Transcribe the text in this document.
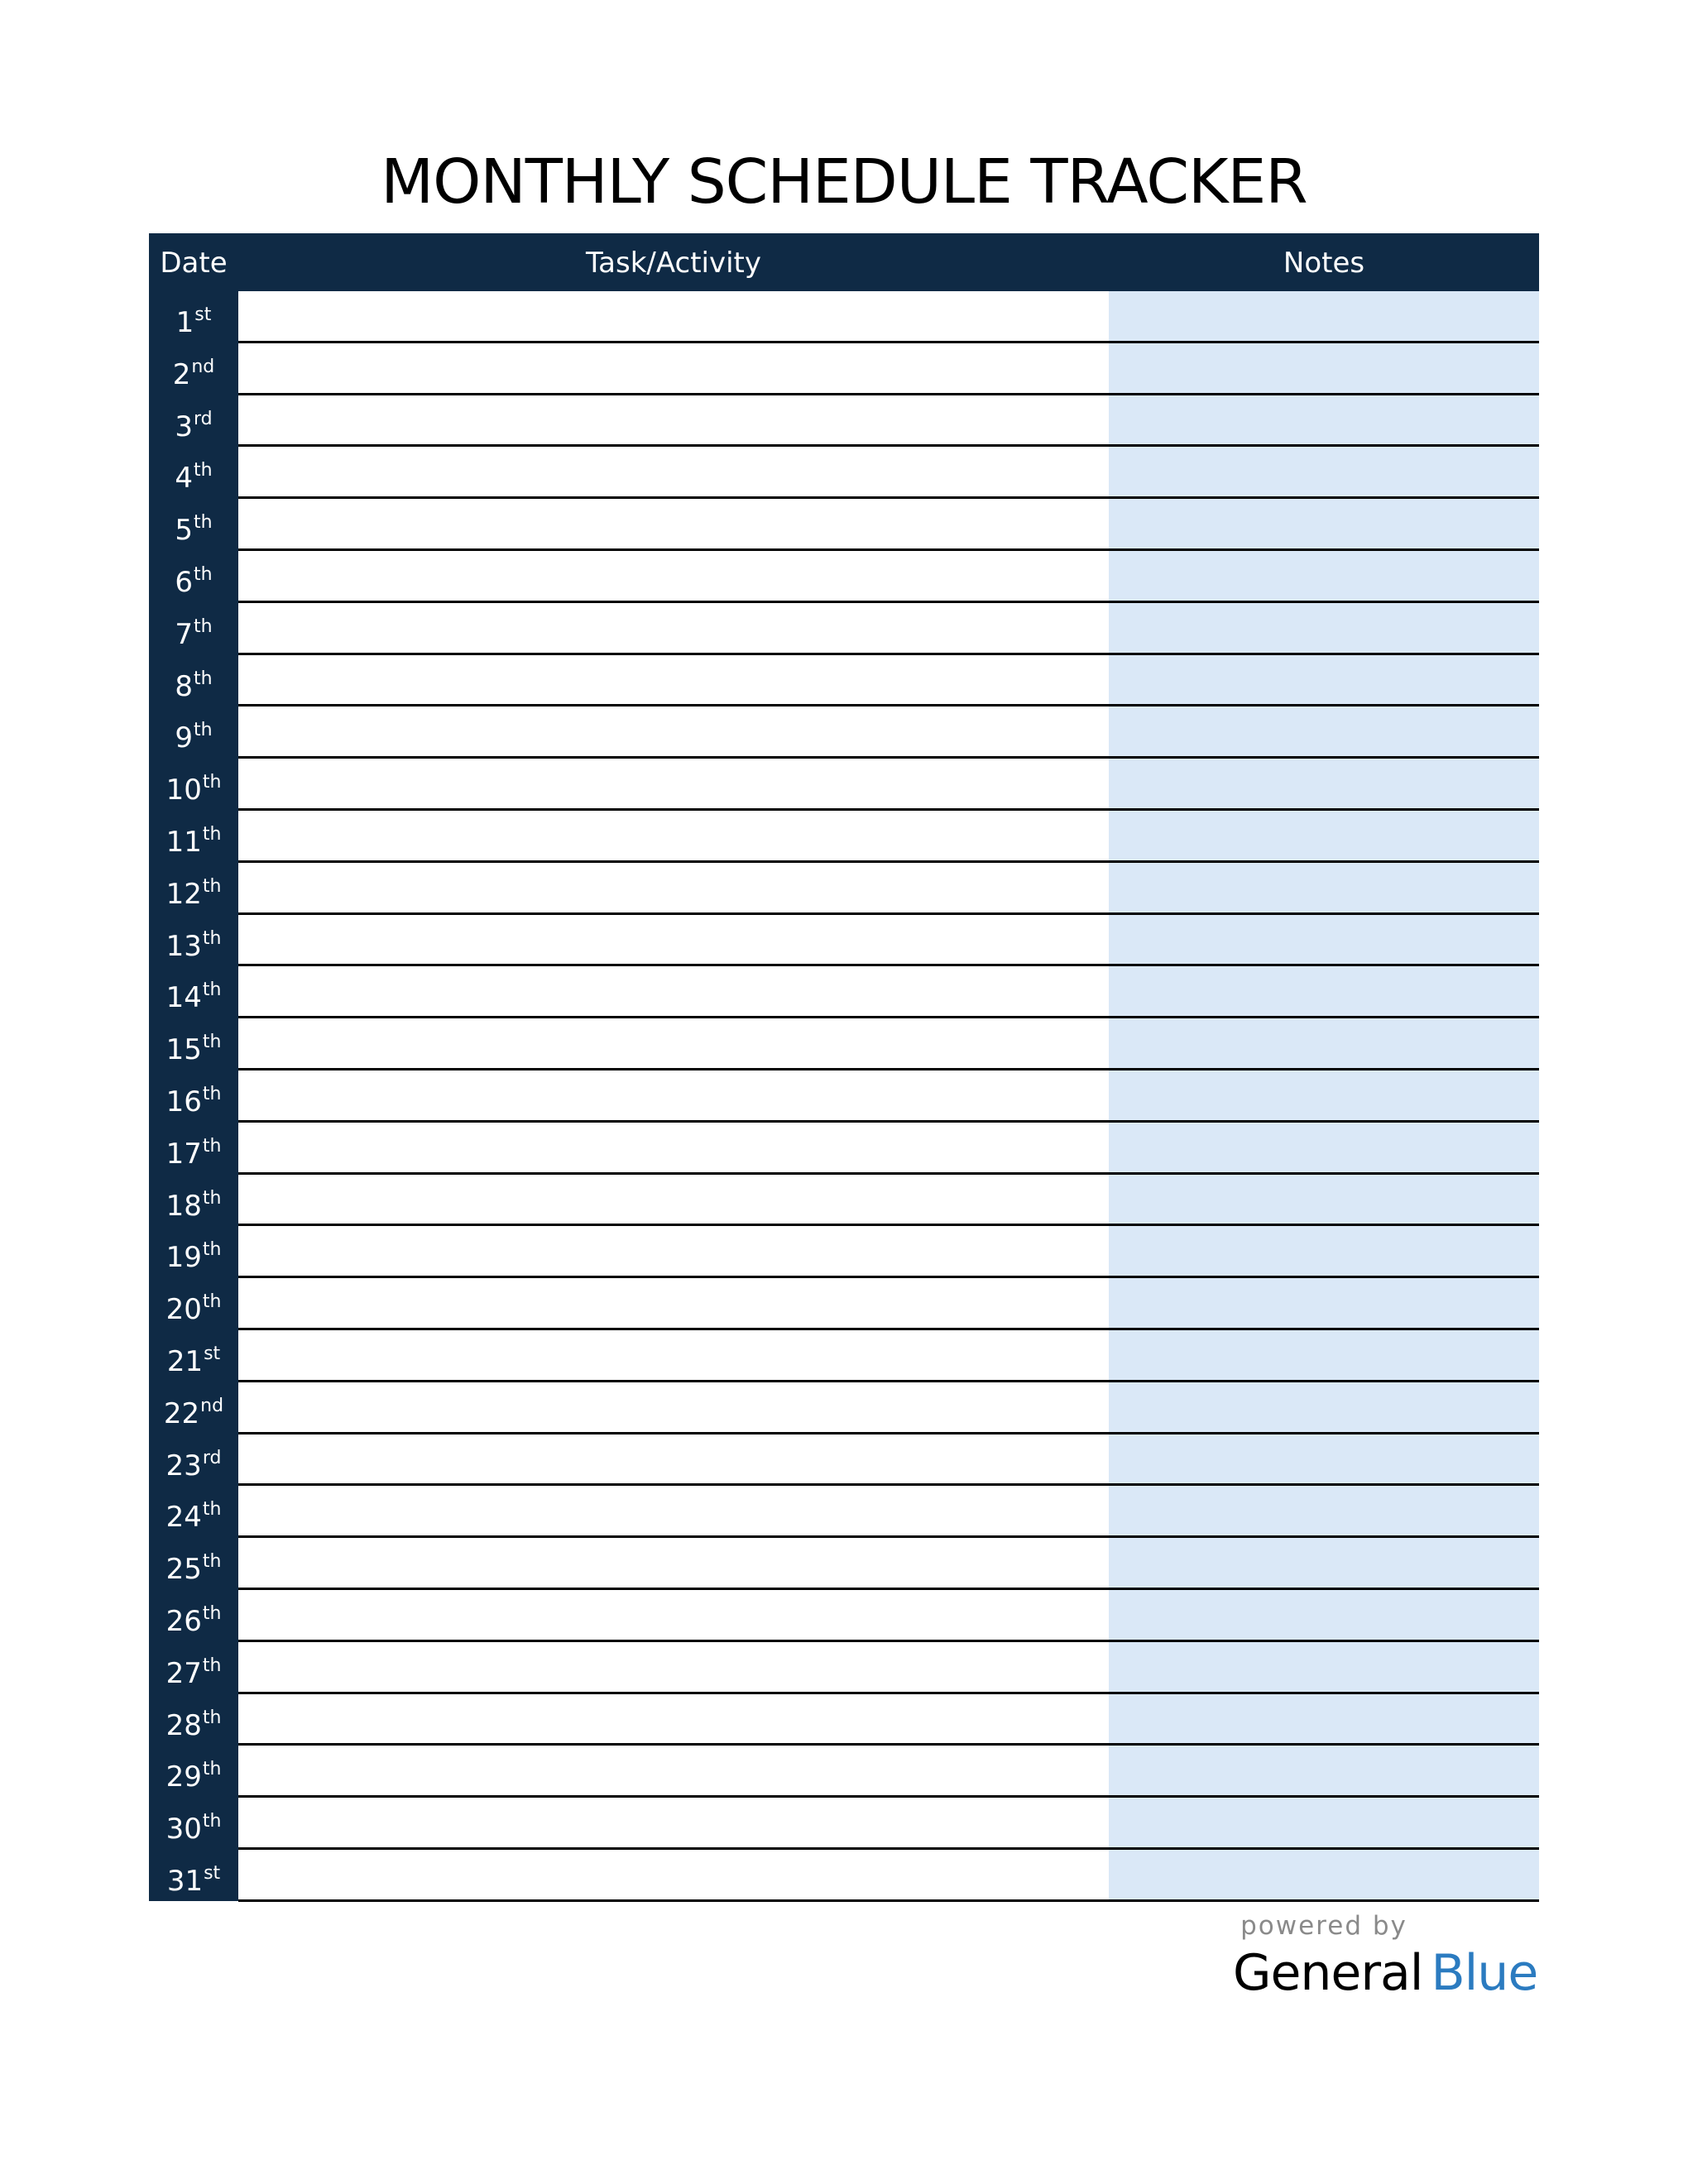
MONTHLY SCHEDULE TRACKER
Date	Task/Activity	Notes
1st
2nd
3rd
4th
5th
6th
7th
8th
9th
10th
11th
12th
13th
14th
15th
16th
17th
18th
19th
20th
21st
22nd
23rd
24th
25th
26th
27th
28th
29th
30th
31st
powered by
General Blue
